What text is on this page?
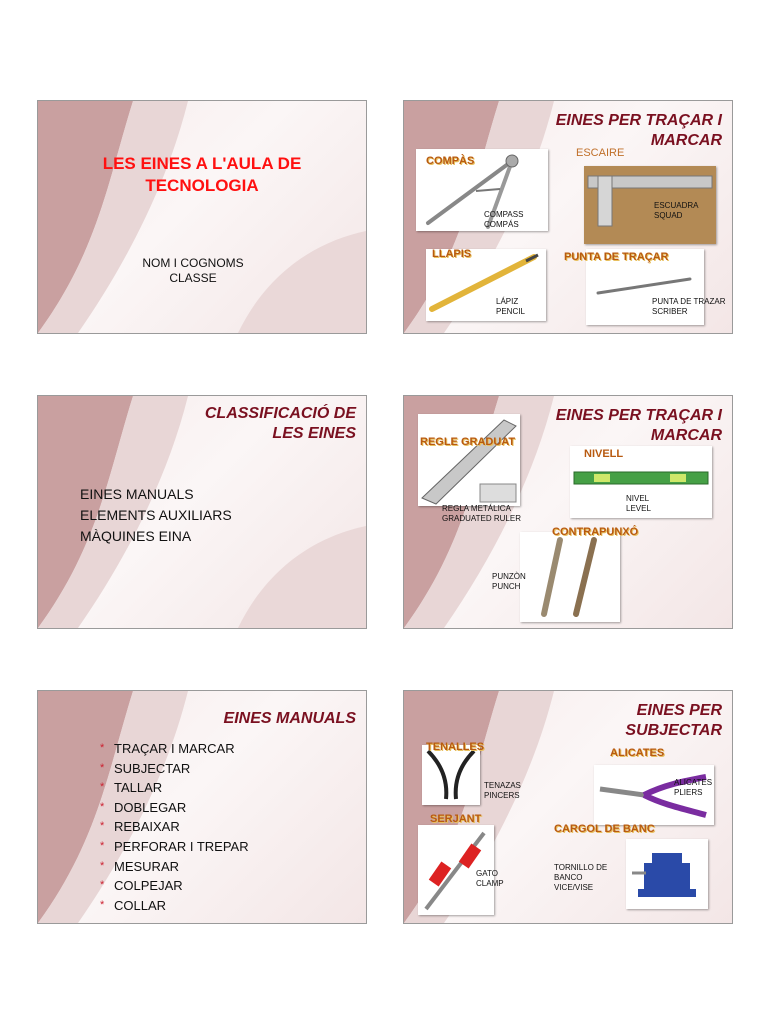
LES EINES A L'AULA DE
TECNOLOGIA
NOM I COGNOMS
CLASSE
EINES PER TRAÇAR I
MARCAR
COMPÀS
COMPASS
COMPÁS
ESCAIRE
ESCUADRA
SQUAD
LLAPIS
LÁPIZ
PENCIL
PUNTA DE TRAÇAR
PUNTA DE TRAZAR
SCRIBER
CLASSIFICACIÓ DE
LES EINES
EINES MANUALS
ELEMENTS AUXILIARS
MÀQUINES EINA
EINES PER TRAÇAR I
MARCAR
REGLE GRADUAT
REGLA METÁLICA
GRADUATED RULER
NIVELL
NIVEL
LEVEL
CONTRAPUNXÓ
PUNZÒN
PUNCH
EINES MANUALS
* TRAÇAR I MARCAR
* SUBJECTAR
* TALLAR
* DOBLEGAR
* REBAIXAR
* PERFORAR I TREPAR
* MESURAR
* COLPEJAR
* COLLAR
EINES PER
SUBJECTAR
TENALLES
TENAZAS
PINCERS
ALICATES
ALICATES
PLIERS
SERJANT
GATO
CLAMP
CARGOL DE BANC
TORNILLO DE
BANCO
VICE/VISE
